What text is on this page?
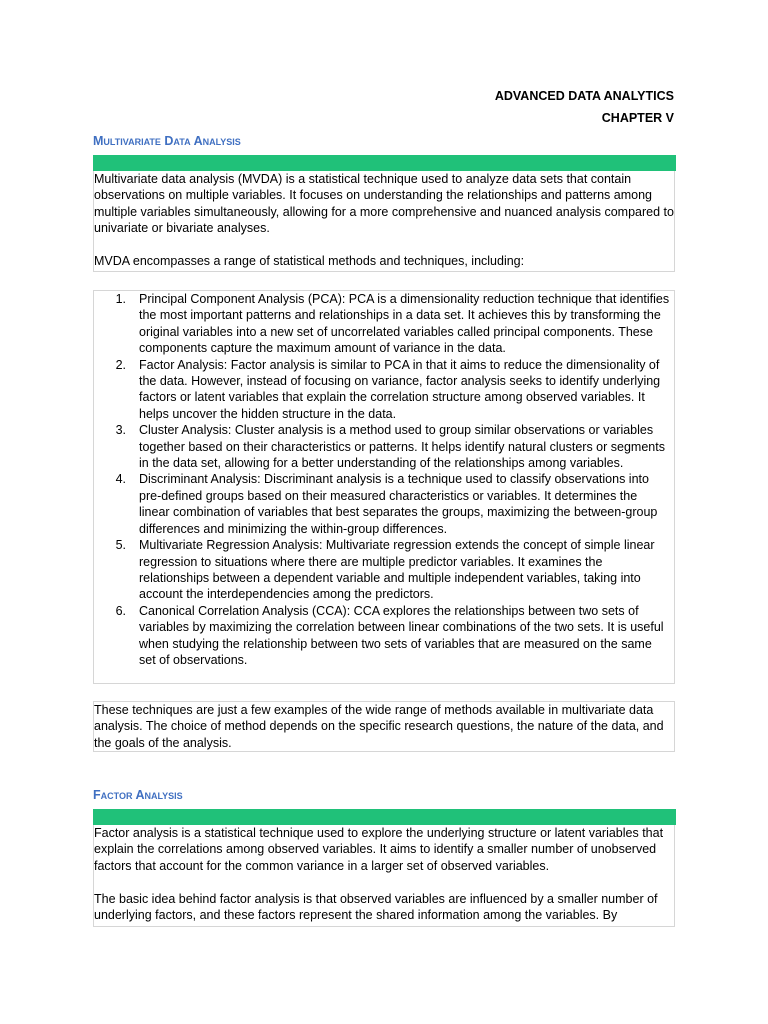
ADVANCED DATA ANALYTICS
CHAPTER V
Multivariate Data Analysis

Multivariate data analysis (MVDA) is a statistical technique used to analyze data sets that contain observations on multiple variables. It focuses on understanding the relationships and patterns among multiple variables simultaneously, allowing for a more comprehensive and nuanced analysis compared to univariate or bivariate analyses.

MVDA encompasses a range of statistical methods and techniques, including:

1. Principal Component Analysis (PCA): PCA is a dimensionality reduction technique that identifies the most important patterns and relationships in a data set. It achieves this by transforming the original variables into a new set of uncorrelated variables called principal components. These components capture the maximum amount of variance in the data.
2. Factor Analysis: Factor analysis is similar to PCA in that it aims to reduce the dimensionality of the data. However, instead of focusing on variance, factor analysis seeks to identify underlying factors or latent variables that explain the correlation structure among observed variables. It helps uncover the hidden structure in the data.
3. Cluster Analysis: Cluster analysis is a method used to group similar observations or variables together based on their characteristics or patterns. It helps identify natural clusters or segments in the data set, allowing for a better understanding of the relationships among variables.
4. Discriminant Analysis: Discriminant analysis is a technique used to classify observations into pre-defined groups based on their measured characteristics or variables. It determines the linear combination of variables that best separates the groups, maximizing the between-group differences and minimizing the within-group differences.
5. Multivariate Regression Analysis: Multivariate regression extends the concept of simple linear regression to situations where there are multiple predictor variables. It examines the relationships between a dependent variable and multiple independent variables, taking into account the interdependencies among the predictors.
6. Canonical Correlation Analysis (CCA): CCA explores the relationships between two sets of variables by maximizing the correlation between linear combinations of the two sets. It is useful when studying the relationship between two sets of variables that are measured on the same set of observations.

These techniques are just a few examples of the wide range of methods available in multivariate data analysis. The choice of method depends on the specific research questions, the nature of the data, and the goals of the analysis.

Factor Analysis

Factor analysis is a statistical technique used to explore the underlying structure or latent variables that explain the correlations among observed variables. It aims to identify a smaller number of unobserved factors that account for the common variance in a larger set of observed variables.

The basic idea behind factor analysis is that observed variables are influenced by a smaller number of underlying factors, and these factors represent the shared information among the variables. By
